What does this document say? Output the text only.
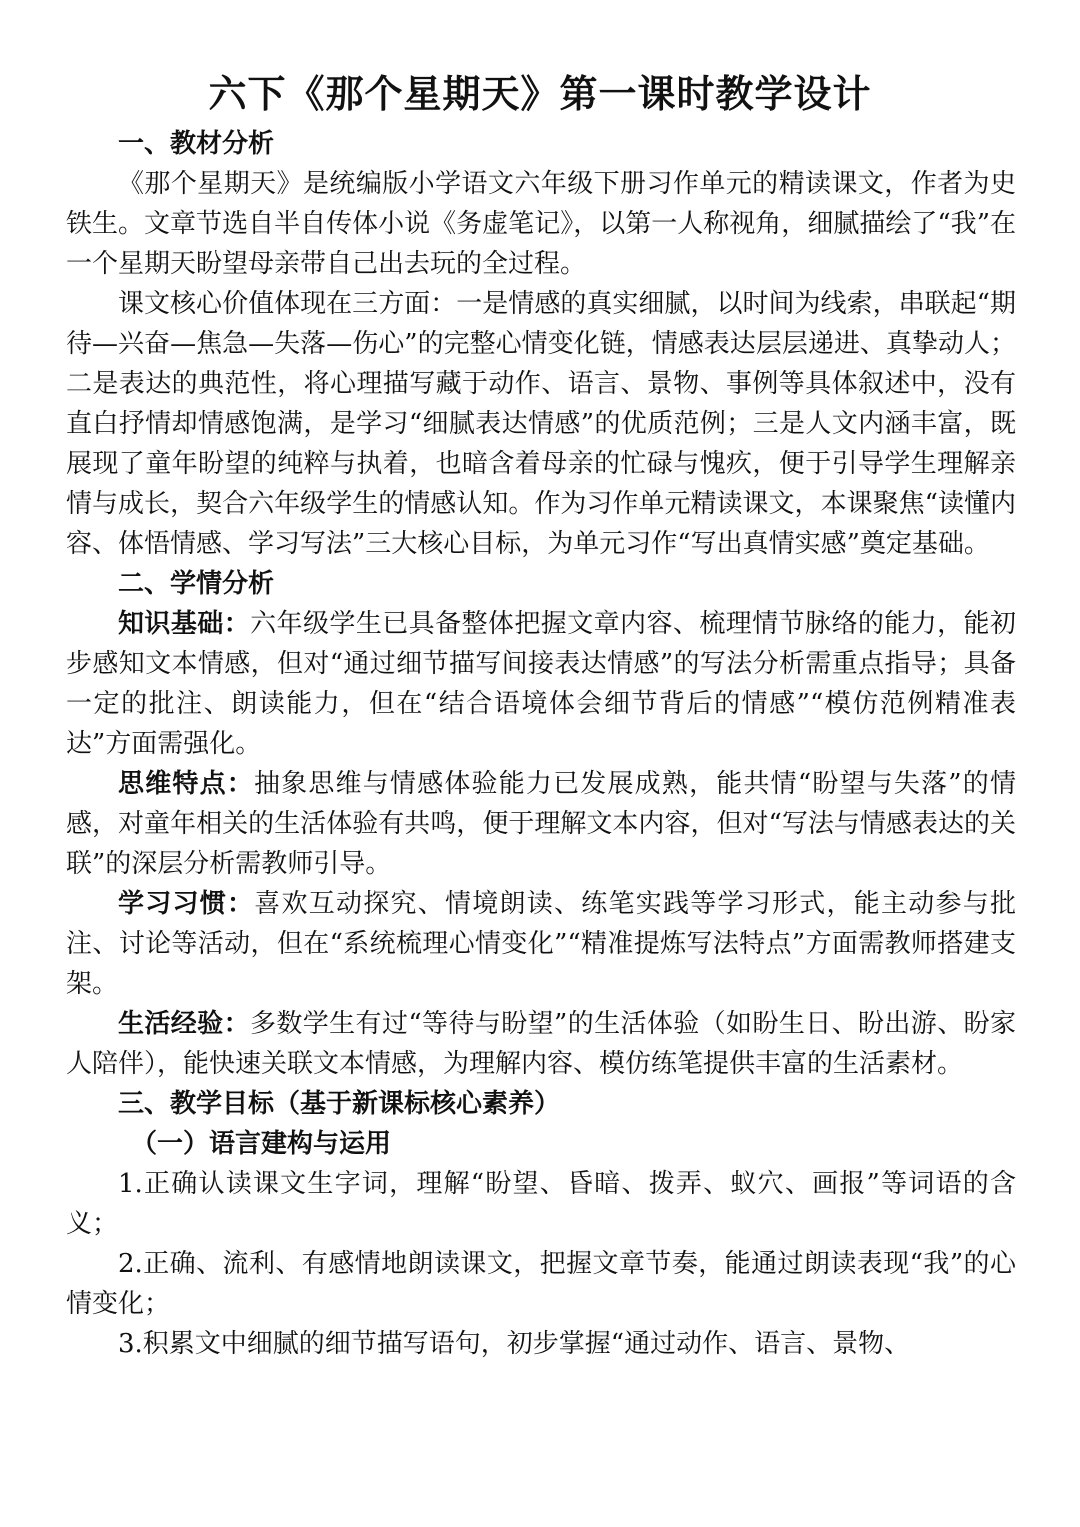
六下《那个星期天》第一课时教学设计

一、教材分析

《那个星期天》是统编版小学语文六年级下册习作单元的精读课文，作者为史铁生。文章节选自半自传体小说《务虚笔记》，以第一人称视角，细腻描绘了“我”在一个星期天盼望母亲带自己出去玩的全过程。

课文核心价值体现在三方面：一是情感的真实细腻，以时间为线索，串联起“期待—兴奋—焦急—失落—伤心”的完整心情变化链，情感表达层层递进、真挚动人；二是表达的典范性，将心理描写藏于动作、语言、景物、事例等具体叙述中，没有直白抒情却情感饱满，是学习“细腻表达情感”的优质范例；三是人文内涵丰富，既展现了童年盼望的纯粹与执着，也暗含着母亲的忙碌与愧疚，便于引导学生理解亲情与成长，契合六年级学生的情感认知。作为习作单元精读课文，本课聚焦“读懂内容、体悟情感、学习写法”三大核心目标，为单元习作“写出真情实感”奠定基础。

二、学情分析

知识基础：六年级学生已具备整体把握文章内容、梳理情节脉络的能力，能初步感知文本情感，但对“通过细节描写间接表达情感”的写法分析需重点指导；具备一定的批注、朗读能力，但在“结合语境体会细节背后的情感”“模仿范例精准表达”方面需强化。

思维特点：抽象思维与情感体验能力已发展成熟，能共情“盼望与失落”的情感，对童年相关的生活体验有共鸣，便于理解文本内容，但对“写法与情感表达的关联”的深层分析需教师引导。

学习习惯：喜欢互动探究、情境朗读、练笔实践等学习形式，能主动参与批注、讨论等活动，但在“系统梳理心情变化”“精准提炼写法特点”方面需教师搭建支架。

生活经验：多数学生有过“等待与盼望”的生活体验（如盼生日、盼出游、盼家人陪伴），能快速关联文本情感，为理解内容、模仿练笔提供丰富的生活素材。

三、教学目标（基于新课标核心素养）

（一）语言建构与运用

1.正确认读课文生字词，理解“盼望、昏暗、拨弄、蚁穴、画报”等词语的含义；

2.正确、流利、有感情地朗读课文，把握文章节奏，能通过朗读表现“我”的心情变化；

3.积累文中细腻的细节描写语句，初步掌握“通过动作、语言、景物、
